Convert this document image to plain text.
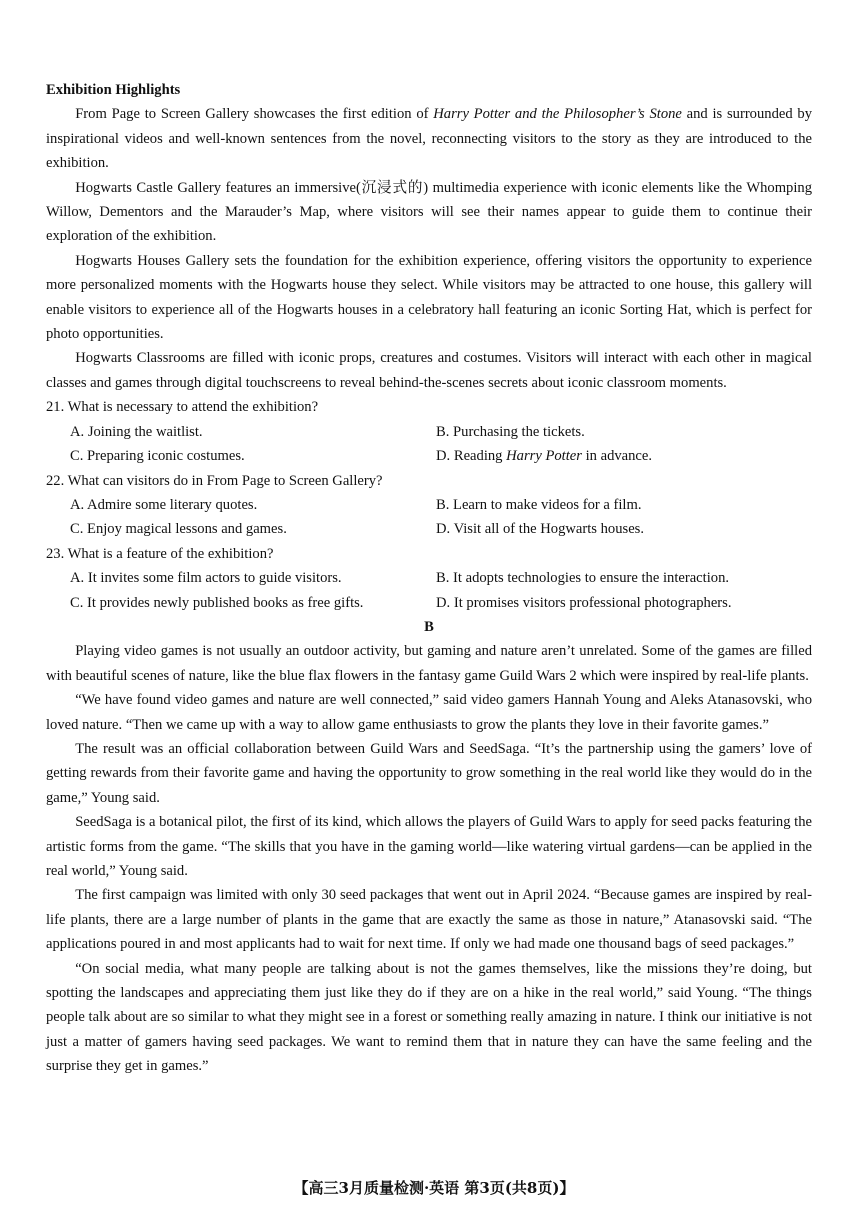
Exhibition Highlights

From Page to Screen Gallery showcases the first edition of Harry Potter and the Philosopher’s Stone and is surrounded by inspirational videos and well-known sentences from the novel, reconnecting visitors to the story as they are introduced to the exhibition.

Hogwarts Castle Gallery features an immersive(沉浸式的) multimedia experience with iconic elements like the Whomping Willow, Dementors and the Marauder’s Map, where visitors will see their names appear to guide them to continue their exploration of the exhibition.

Hogwarts Houses Gallery sets the foundation for the exhibition experience, offering visitors the opportunity to experience more personalized moments with the Hogwarts house they select. While visitors may be attracted to one house, this gallery will enable visitors to experience all of the Hogwarts houses in a celebratory hall featuring an iconic Sorting Hat, which is perfect for photo opportunities.

Hogwarts Classrooms are filled with iconic props, creatures and costumes. Visitors will interact with each other in magical classes and games through digital touchscreens to reveal behind-the-scenes secrets about iconic classroom moments.

21. What is necessary to attend the exhibition?

A. Joining the waitlist.	B. Purchasing the tickets.
C. Preparing iconic costumes.	D. Reading Harry Potter in advance.

22. What can visitors do in From Page to Screen Gallery?

A. Admire some literary quotes.	B. Learn to make videos for a film.
C. Enjoy magical lessons and games.	D. Visit all of the Hogwarts houses.

23. What is a feature of the exhibition?

A. It invites some film actors to guide visitors.	B. It adopts technologies to ensure the interaction.
C. It provides newly published books as free gifts.	D. It promises visitors professional photographers.

B

Playing video games is not usually an outdoor activity, but gaming and nature aren’t unrelated. Some of the games are filled with beautiful scenes of nature, like the blue flax flowers in the fantasy game Guild Wars 2 which were inspired by real-life plants.

“We have found video games and nature are well connected,” said video gamers Hannah Young and Aleks Atanasovski, who loved nature. “Then we came up with a way to allow game enthusiasts to grow the plants they love in their favorite games.”

The result was an official collaboration between Guild Wars and SeedSaga. “It’s the partnership using the gamers’ love of getting rewards from their favorite game and having the opportunity to grow something in the real world like they would do in the game,” Young said.

SeedSaga is a botanical pilot, the first of its kind, which allows the players of Guild Wars to apply for seed packs featuring the artistic forms from the game. “The skills that you have in the gaming world—like watering virtual gardens—can be applied in the real world,” Young said.

The first campaign was limited with only 30 seed packages that went out in April 2024. “Because games are inspired by real-life plants, there are a large number of plants in the game that are exactly the same as those in nature,” Atanasovski said. “The applications poured in and most applicants had to wait for next time. If only we had made one thousand bags of seed packages.”

“On social media, what many people are talking about is not the games themselves, like the missions they’re doing, but spotting the landscapes and appreciating them just like they do if they are on a hike in the real world,” said Young. “The things people talk about are so similar to what they might see in a forest or something really amazing in nature. I think our initiative is not just a matter of gamers having seed packages. We want to remind them that in nature they can have the same feeling and the surprise they get in games.”

【高三3月质量检测·英语 第3页(共8页)】
